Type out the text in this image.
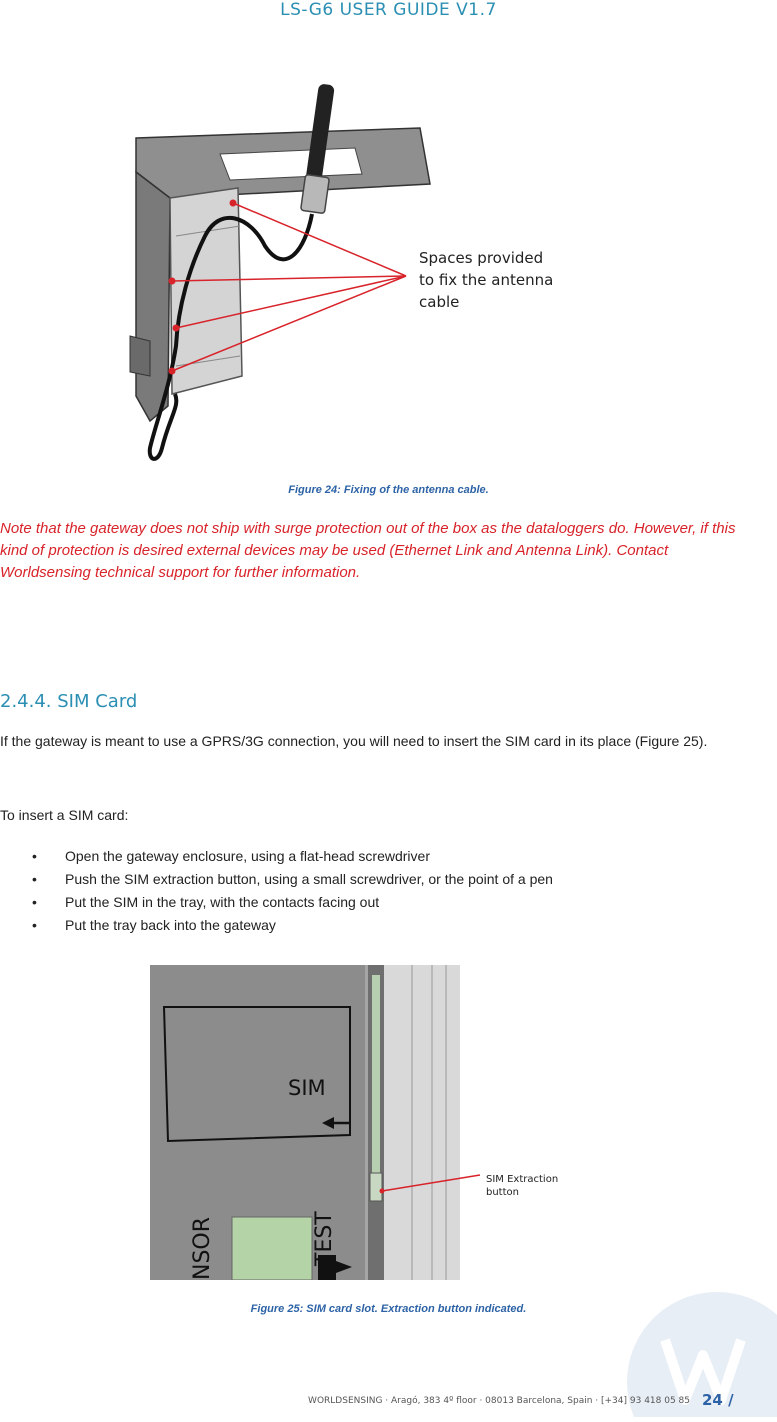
LS-G6 USER GUIDE V1.7
Spaces provided
to fix the antenna
cable
Figure 24: Fixing of the antenna cable.
Note that the gateway does not ship with surge protection out of the box as the dataloggers do. However, if this kind of protection is desired external devices may be used (Ethernet Link and Antenna Link). Contact Worldsensing technical support for further information.
2.4.4. SIM Card
If the gateway is meant to use a GPRS/3G connection, you will need to insert the SIM card in its place (Figure 25).
To insert a SIM card:
• Open the gateway enclosure, using a flat-head screwdriver
• Push the SIM extraction button, using a small screwdriver, or the point of a pen
• Put the SIM in the tray, with the contacts facing out
• Put the tray back into the gateway
SIM
TEST
NSOR
SIM Extraction
button
Figure 25: SIM card slot. Extraction button indicated.
WORLDSENSING · Aragó, 383 4º floor · 08013 Barcelona, Spain · [+34] 93 418 05 85 24 /
